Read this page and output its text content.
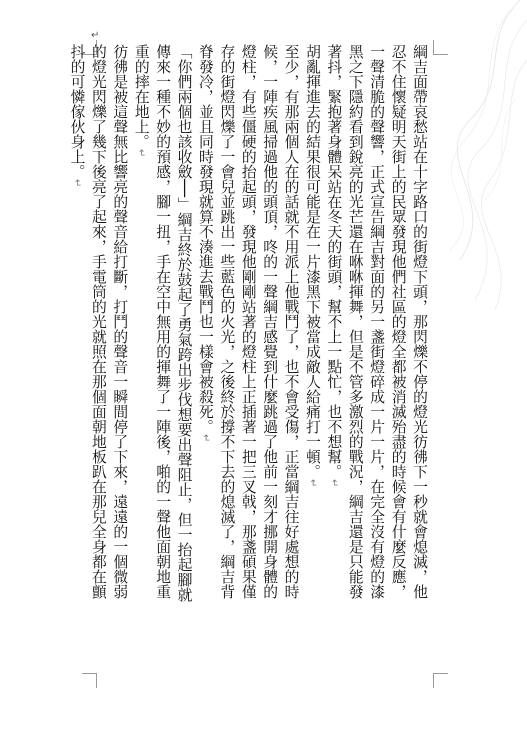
↵

綱吉面帶哀愁站在十字路口的街燈下頭，那閃爍不停的燈光彷彿下一秒就會熄滅，他忍不住懷疑明天街上的民眾發現他們社區的燈全都被消滅殆盡的時候會有什麼反應，一聲清脆的聲響，正式宣告綱吉對面的另一盞街燈碎成一片一片，在完全沒有燈的漆黑之下隱約看到銳亮的光芒還在咻咻揮舞，但是不管多激烈的戰況，綱吉還是只能發著抖，緊抱著身體呆站在冬天的街頭，幫不上一點忙，也不想幫。↵

胡亂揮進去的結果很可能是在一片漆黑下被當成敵人給痛打一頓。↵

至少，有那兩個人在的話就不用派上他戰鬥了，也不會受傷，正當綱吉往好處想的時候，一陣疾風掃過他的頭頂，咚的一聲綱吉感覺到什麼跳過了他前一刻才挪開身體的燈柱，有些僵硬的抬起頭，發現他剛剛站著的燈柱上正插著一把三叉戟，那盞碩果僅存的街燈閃爍了一會兒並跳出一些藍色的火光，之後終於撐不下去的熄滅了，綱吉背脊發冷，並且同時發現就算不湊進去戰鬥也一樣會被殺死。↵

「你們兩個也該收斂──」綱吉終於鼓起了勇氣跨出步伐想要出聲阻止，但一抬起腳就傳來一種不妙的預感，腳一扭，手在空中無用的揮舞了一陣後，啪的一聲他面朝地重重的摔在地上。↵

彷彿是被這聲無比響亮的聲音給打斷，打鬥的聲音一瞬間停了下來，遠遠的一個微弱的燈光閃爍了幾下後亮了起來，手電筒的光就照在那個面朝地板趴在那兒全身都在顫抖的可憐傢伙身上。↵
